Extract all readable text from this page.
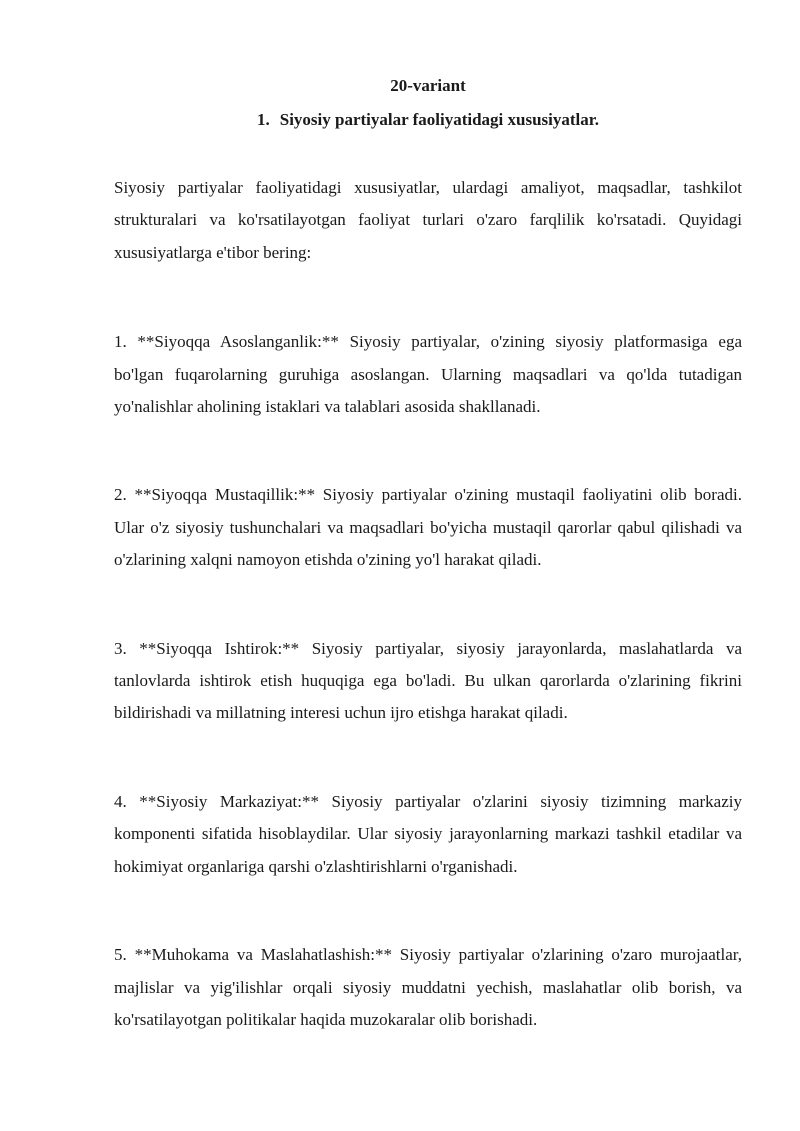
20-variant

1. Siyosiy partiyalar faoliyatidagi xususiyatlar.

Siyosiy partiyalar faoliyatidagi xususiyatlar, ulardagi amaliyot, maqsadlar, tashkilot strukturalari va ko'rsatilayotgan faoliyat turlari o'zaro farqlilik ko'rsatadi. Quyidagi xususiyatlarga e'tibor bering:

1. **Siyoqqa Asoslanganlik:** Siyosiy partiyalar, o'zining siyosiy platformasiga ega bo'lgan fuqarolarning guruhiga asoslangan. Ularning maqsadlari va qo'lda tutadigan yo'nalishlar aholining istaklari va talablari asosida shakllanadi.

2. **Siyoqqa Mustaqillik:** Siyosiy partiyalar o'zining mustaqil faoliyatini olib boradi. Ular o'z siyosiy tushunchalari va maqsadlari bo'yicha mustaqil qarorlar qabul qilishadi va o'zlarining xalqni namoyon etishda o'zining yo'l harakat qiladi.

3. **Siyoqqa Ishtirok:** Siyosiy partiyalar, siyosiy jarayonlarda, maslahatlarda va tanlovlarda ishtirok etish huquqiga ega bo'ladi. Bu ulkan qarorlarda o'zlarining fikrini bildirishadi va millatning interesi uchun ijro etishga harakat qiladi.

4. **Siyosiy Markaziyat:** Siyosiy partiyalar o'zlarini siyosiy tizimning markaziy komponenti sifatida hisoblaydilar. Ular siyosiy jarayonlarning markazi tashkil etadilar va hokimiyat organlariga qarshi o'zlashtirishlarni o'rganishadi.

5. **Muhokama va Maslahatlashish:** Siyosiy partiyalar o'zlarining o'zaro murojaatlar, majlislar va yig'ilishlar orqali siyosiy muddatni yechish, maslahatlar olib borish, va ko'rsatilayotgan politikalar haqida muzokaralar olib borishadi.
